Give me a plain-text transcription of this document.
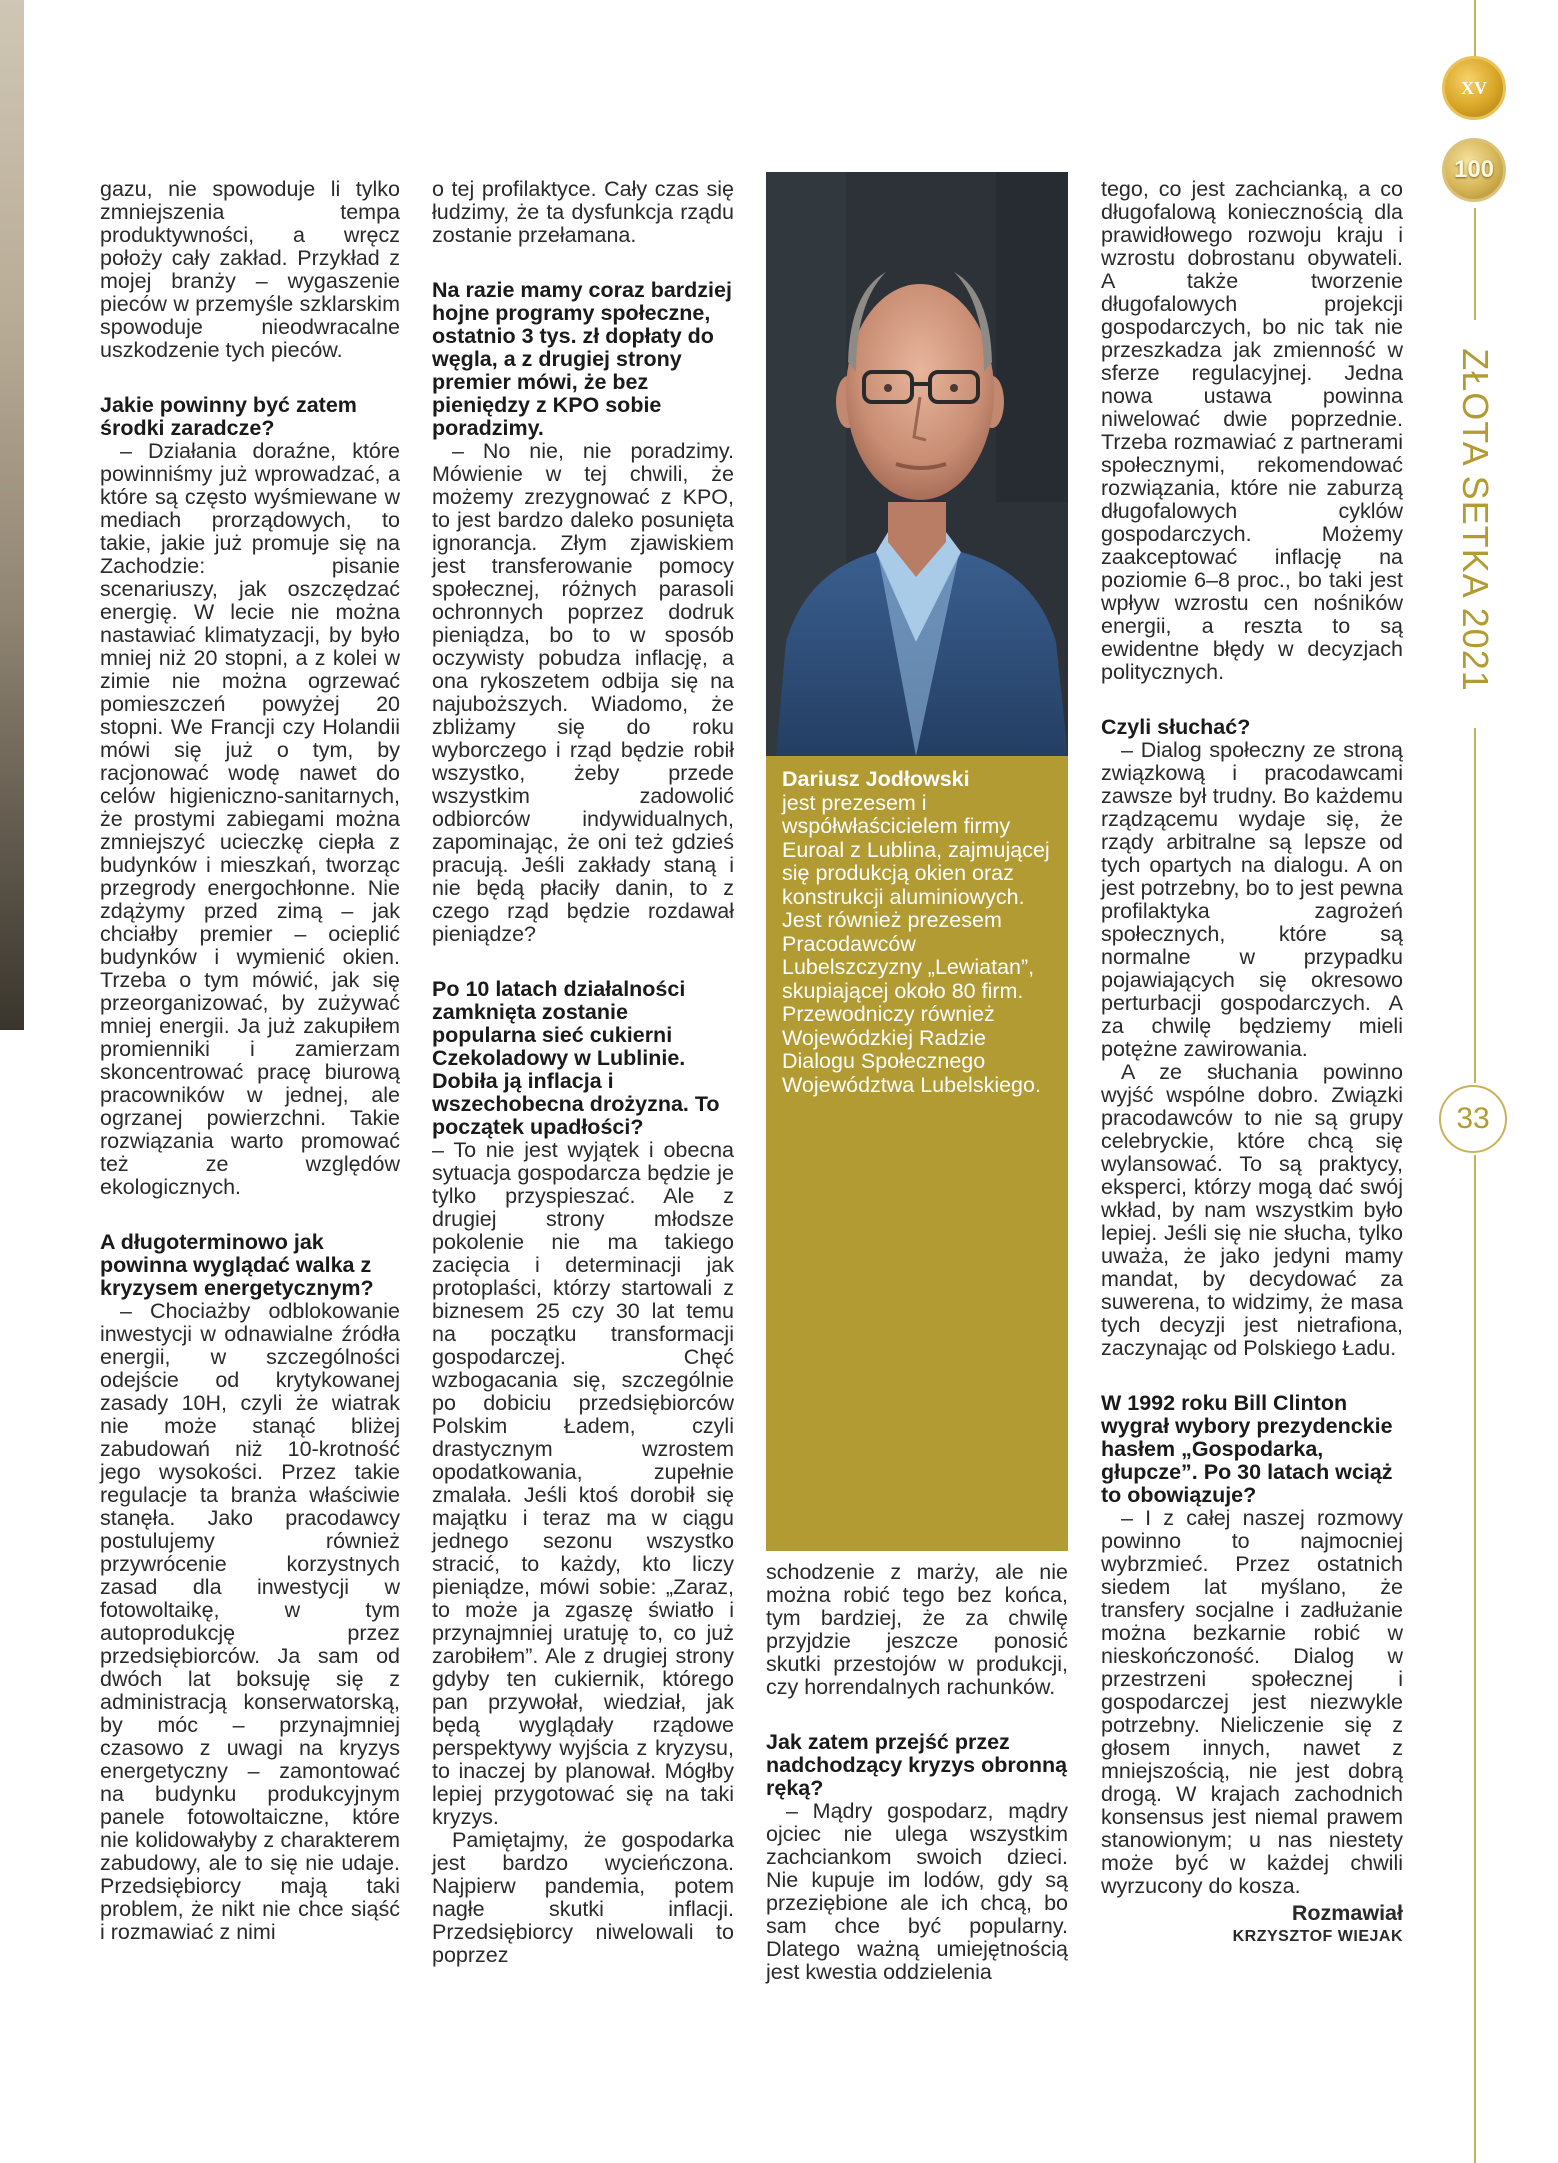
gazu, nie spowoduje li tylko zmniejszenia tempa produktywności, a wręcz położy cały zakład. Przykład z mojej branży – wygaszenie pieców w przemyśle szklarskim spowoduje nieodwracalne uszkodzenie tych pieców.

Jakie powinny być zatem środki zaradcze?

– Działania doraźne, które powinniśmy już wprowadzać, a które są często wyśmiewane w mediach prorządowych, to takie, jakie już promuje się na Zachodzie: pisanie scenariuszy, jak oszczędzać energię. W lecie nie można nastawiać klimatyzacji, by było mniej niż 20 stopni, a z kolei w zimie nie można ogrzewać pomieszczeń powyżej 20 stopni. We Francji czy Holandii mówi się już o tym, by racjonować wodę nawet do celów higieniczno-sanitarnych, że prostymi zabiegami można zmniejszyć ucieczkę ciepła z budynków i mieszkań, tworząc przegrody energochłonne. Nie zdążymy przed zimą – jak chciałby premier – ocieplić budynków i wymienić okien. Trzeba o tym mówić, jak się przeorganizować, by zużywać mniej energii. Ja już zakupiłem promienniki i zamierzam skoncentrować pracę biurową pracowników w jednej, ale ogrzanej powierzchni. Takie rozwiązania warto promować też ze względów ekologicznych.

A długoterminowo jak powinna wyglądać walka z kryzysem energetycznym?

– Chociażby odblokowanie inwestycji w odnawialne źródła energii, w szczególności odejście od krytykowanej zasady 10H, czyli że wiatrak nie może stanąć bliżej zabudowań niż 10-krotność jego wysokości. Przez takie regulacje ta branża właściwie stanęła. Jako pracodawcy postulujemy również przywrócenie korzystnych zasad dla inwestycji w fotowoltaikę, w tym autoprodukcję przez przedsiębiorców. Ja sam od dwóch lat boksuję się z administracją konserwatorską, by móc – przynajmniej czasowo z uwagi na kryzys energetyczny – zamontować na budynku produkcyjnym panele fotowoltaiczne, które nie kolidowałyby z charakterem zabudowy, ale to się nie udaje. Przedsiębiorcy mają taki problem, że nikt nie chce siąść i rozmawiać z nimi

o tej profilaktyce. Cały czas się łudzimy, że ta dysfunkcja rządu zostanie przełamana.

Na razie mamy coraz bardziej hojne programy społeczne, ostatnio 3 tys. zł dopłaty do węgla, a z drugiej strony premier mówi, że bez pieniędzy z KPO sobie poradzimy.

– No nie, nie poradzimy. Mówienie w tej chwili, że możemy zrezygnować z KPO, to jest bardzo daleko posunięta ignorancja. Złym zjawiskiem jest transferowanie pomocy społecznej, różnych parasoli ochronnych poprzez dodruk pieniądza, bo to w sposób oczywisty pobudza inflację, a ona rykoszetem odbija się na najuboższych. Wiadomo, że zbliżamy się do roku wyborczego i rząd będzie robił wszystko, żeby przede wszystkim zadowolić odbiorców indywidualnych, zapominając, że oni też gdzieś pracują. Jeśli zakłady staną i nie będą płaciły danin, to z czego rząd będzie rozdawał pieniądze?

Po 10 latach działalności zamknięta zostanie popularna sieć cukierni Czekoladowy w Lublinie. Dobiła ją inflacja i wszechobecna drożyzna. To początek upadłości?

– To nie jest wyjątek i obecna sytuacja gospodarcza będzie je tylko przyspieszać. Ale z drugiej strony młodsze pokolenie nie ma takiego zacięcia i determinacji jak protoplaści, którzy startowali z biznesem 25 czy 30 lat temu na początku transformacji gospodarczej. Chęć wzbogacania się, szczególnie po dobiciu przedsiębiorców Polskim Ładem, czyli drastycznym wzrostem opodatkowania, zupełnie zmalała. Jeśli ktoś dorobił się majątku i teraz ma w ciągu jednego sezonu wszystko stracić, to każdy, kto liczy pieniądze, mówi sobie: „Zaraz, to może ja zgaszę światło i przynajmniej uratuję to, co już zarobiłem”. Ale z drugiej strony gdyby ten cukiernik, którego pan przywołał, wiedział, jak będą wyglądały rządowe perspektywy wyjścia z kryzysu, to inaczej by planował. Mógłby lepiej przygotować się na taki kryzys.

Pamiętajmy, że gospodarka jest bardzo wycieńczona. Najpierw pandemia, potem nagłe skutki inflacji. Przedsiębiorcy niwelowali to poprzez

Dariusz Jodłowski
jest prezesem i współwłaścicielem firmy Euroal z Lublina, zajmującej się produkcją okien oraz konstrukcji aluminiowych. Jest również prezesem Pracodawców Lubelszczyzny „Lewiatan”, skupiającej około 80 firm. Przewodniczy również Wojewódzkiej Radzie Dialogu Społecznego Województwa Lubelskiego.

schodzenie z marży, ale nie można robić tego bez końca, tym bardziej, że za chwilę przyjdzie jeszcze ponosić skutki przestojów w produkcji, czy horrendalnych rachunków.

Jak zatem przejść przez nadchodzący kryzys obronną ręką?

– Mądry gospodarz, mądry ojciec nie ulega wszystkim zachciankom swoich dzieci. Nie kupuje im lodów, gdy są przeziębione ale ich chcą, bo sam chce być popularny. Dlatego ważną umiejętnością jest kwestia oddzielenia

tego, co jest zachcianką, a co długofalową koniecznością dla prawidłowego rozwoju kraju i wzrostu dobrostanu obywateli. A także tworzenie długofalowych projekcji gospodarczych, bo nic tak nie przeszkadza jak zmienność w sferze regulacyjnej. Jedna nowa ustawa powinna niwelować dwie poprzednie. Trzeba rozmawiać z partnerami społecznymi, rekomendować rozwiązania, które nie zaburzą długofalowych cyklów gospodarczych. Możemy zaakceptować inflację na poziomie 6–8 proc., bo taki jest wpływ wzrostu cen nośników energii, a reszta to są ewidentne błędy w decyzjach politycznych.

Czyli słuchać?

– Dialog społeczny ze stroną związkową i pracodawcami zawsze był trudny. Bo każdemu rządzącemu wydaje się, że rządy arbitralne są lepsze od tych opartych na dialogu. A on jest potrzebny, bo to jest pewna profilaktyka zagrożeń społecznych, które są normalne w przypadku pojawiających się okresowo perturbacji gospodarczych. A za chwilę będziemy mieli potężne zawirowania.

A ze słuchania powinno wyjść wspólne dobro. Związki pracodawców to nie są grupy celebryckie, które chcą się wylansować. To są praktycy, eksperci, którzy mogą dać swój wkład, by nam wszystkim było lepiej. Jeśli się nie słucha, tylko uważa, że jako jedyni mamy mandat, by decydować za suwerena, to widzimy, że masa tych decyzji jest nietrafiona, zaczynając od Polskiego Ładu.

W 1992 roku Bill Clinton wygrał wybory prezydenckie hasłem „Gospodarka, głupcze”. Po 30 latach wciąż to obowiązuje?

– I z całej naszej rozmowy powinno to najmocniej wybrzmieć. Przez ostatnich siedem lat myślano, że transfery socjalne i zadłużanie można bezkarnie robić w nieskończoność. Dialog w przestrzeni społecznej i gospodarczej jest niezwykle potrzebny. Nieliczenie się z głosem innych, nawet z mniejszością, nie jest dobrą drogą. W krajach zachodnich konsensus jest niemal prawem stanowionym; u nas niestety może być w każdej chwili wyrzucony do kosza.

Rozmawiał
KRZYSZTOF WIEJAK
XV
100
ZŁOTA SETKA 2021
33
